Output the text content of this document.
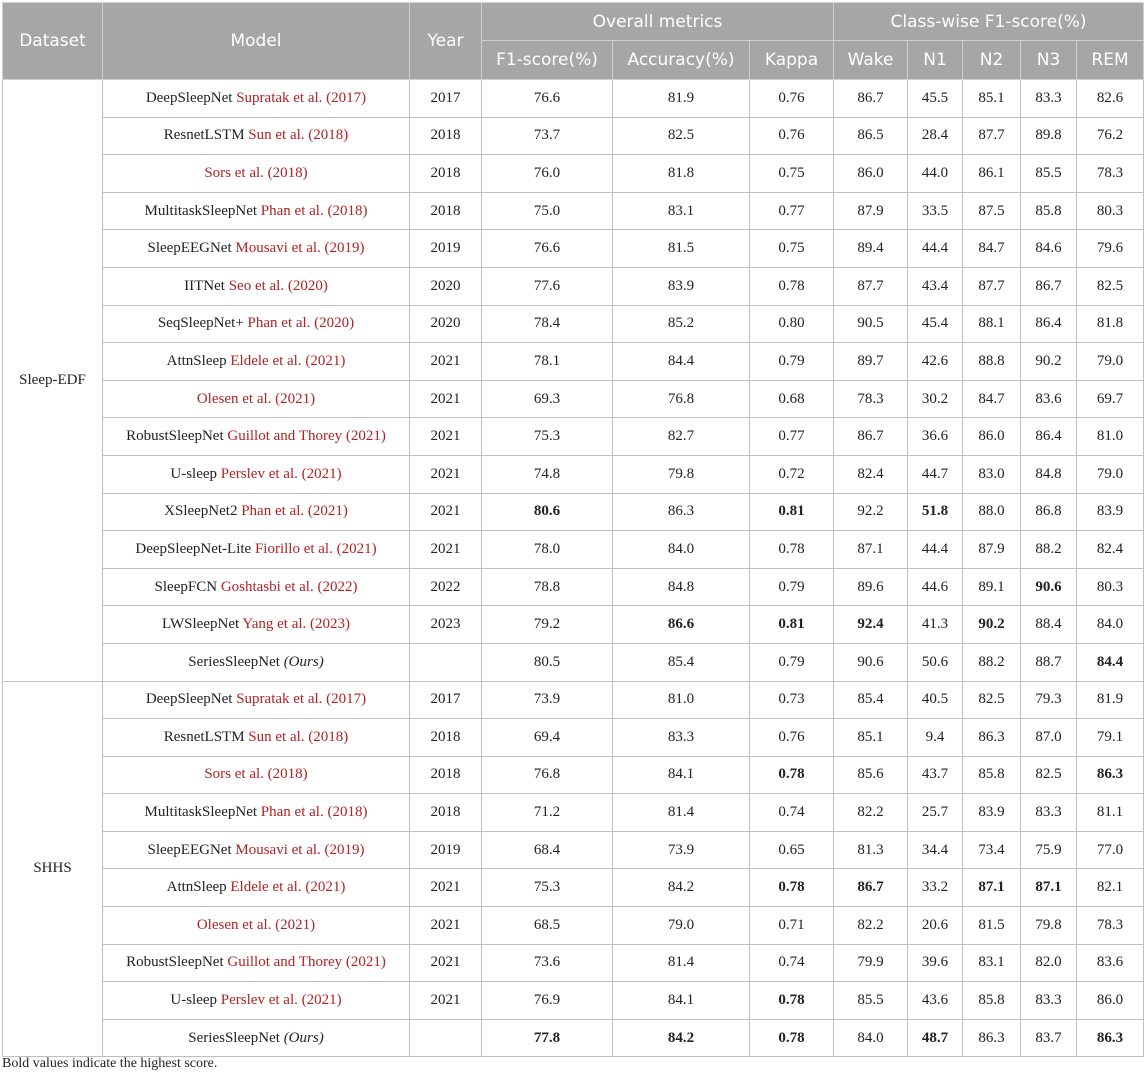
Dataset	Model	Year	Overall metrics			Class-wise F1-score(%)				
			F1-score(%)	Accuracy(%)	Kappa	Wake	N1	N2	N3	REM
Sleep-EDF	DeepSleepNet Supratak et al. (2017)	2017	76.6	81.9	0.76	86.7	45.5	85.1	83.3	82.6
	ResnetLSTM Sun et al. (2018)	2018	73.7	82.5	0.76	86.5	28.4	87.7	89.8	76.2
	Sors et al. (2018)	2018	76.0	81.8	0.75	86.0	44.0	86.1	85.5	78.3
	MultitaskSleepNet Phan et al. (2018)	2018	75.0	83.1	0.77	87.9	33.5	87.5	85.8	80.3
	SleepEEGNet Mousavi et al. (2019)	2019	76.6	81.5	0.75	89.4	44.4	84.7	84.6	79.6
	IITNet Seo et al. (2020)	2020	77.6	83.9	0.78	87.7	43.4	87.7	86.7	82.5
	SeqSleepNet+ Phan et al. (2020)	2020	78.4	85.2	0.80	90.5	45.4	88.1	86.4	81.8
	AttnSleep Eldele et al. (2021)	2021	78.1	84.4	0.79	89.7	42.6	88.8	90.2	79.0
	Olesen et al. (2021)	2021	69.3	76.8	0.68	78.3	30.2	84.7	83.6	69.7
	RobustSleepNet Guillot and Thorey (2021)	2021	75.3	82.7	0.77	86.7	36.6	86.0	86.4	81.0
	U-sleep Perslev et al. (2021)	2021	74.8	79.8	0.72	82.4	44.7	83.0	84.8	79.0
	XSleepNet2 Phan et al. (2021)	2021	80.6	86.3	0.81	92.2	51.8	88.0	86.8	83.9
	DeepSleepNet-Lite Fiorillo et al. (2021)	2021	78.0	84.0	0.78	87.1	44.4	87.9	88.2	82.4
	SleepFCN Goshtasbi et al. (2022)	2022	78.8	84.8	0.79	89.6	44.6	89.1	90.6	80.3
	LWSleepNet Yang et al. (2023)	2023	79.2	86.6	0.81	92.4	41.3	90.2	88.4	84.0
	SeriesSleepNet (Ours)		80.5	85.4	0.79	90.6	50.6	88.2	88.7	84.4
SHHS	DeepSleepNet Supratak et al. (2017)	2017	73.9	81.0	0.73	85.4	40.5	82.5	79.3	81.9
	ResnetLSTM Sun et al. (2018)	2018	69.4	83.3	0.76	85.1	9.4	86.3	87.0	79.1
	Sors et al. (2018)	2018	76.8	84.1	0.78	85.6	43.7	85.8	82.5	86.3
	MultitaskSleepNet Phan et al. (2018)	2018	71.2	81.4	0.74	82.2	25.7	83.9	83.3	81.1
	SleepEEGNet Mousavi et al. (2019)	2019	68.4	73.9	0.65	81.3	34.4	73.4	75.9	77.0
	AttnSleep Eldele et al. (2021)	2021	75.3	84.2	0.78	86.7	33.2	87.1	87.1	82.1
	Olesen et al. (2021)	2021	68.5	79.0	0.71	82.2	20.6	81.5	79.8	78.3
	RobustSleepNet Guillot and Thorey (2021)	2021	73.6	81.4	0.74	79.9	39.6	83.1	82.0	83.6
	U-sleep Perslev et al. (2021)	2021	76.9	84.1	0.78	85.5	43.6	85.8	83.3	86.0
	SeriesSleepNet (Ours)		77.8	84.2	0.78	84.0	48.7	86.3	83.7	86.3

Bold values indicate the highest score.
